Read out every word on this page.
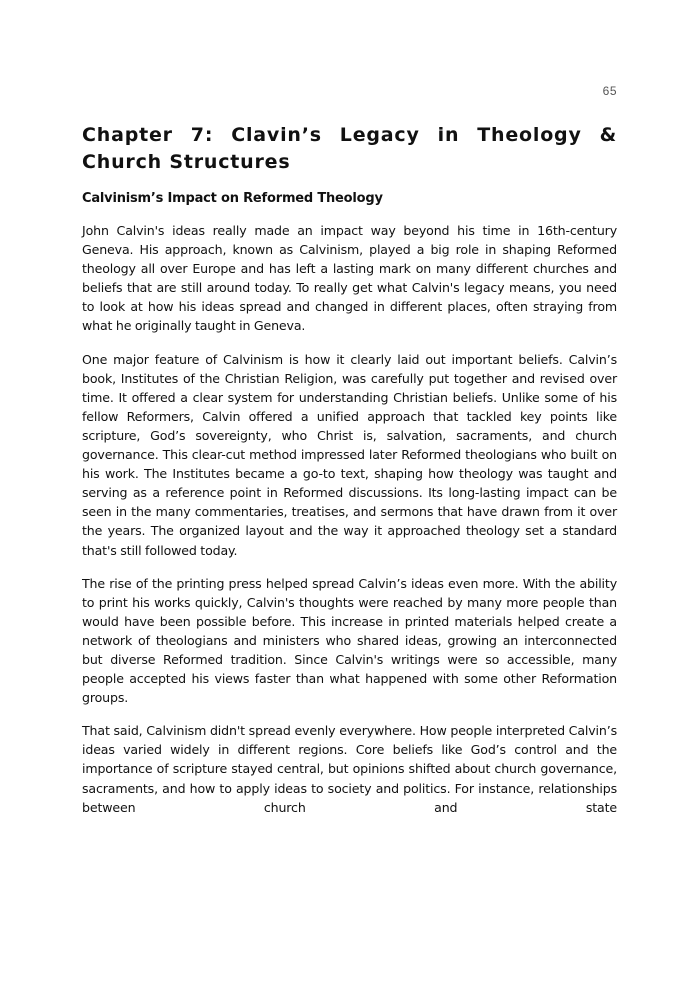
65
Chapter 7: Clavin’s Legacy in Theology & Church Structures
Calvinism’s Impact on Reformed Theology

John Calvin's ideas really made an impact way beyond his time in 16th-century Geneva. His approach, known as Calvinism, played a big role in shaping Reformed theology all over Europe and has left a lasting mark on many different churches and beliefs that are still around today. To really get what Calvin's legacy means, you need to look at how his ideas spread and changed in different places, often straying from what he originally taught in Geneva.

One major feature of Calvinism is how it clearly laid out important beliefs. Calvin’s book, Institutes of the Christian Religion, was carefully put together and revised over time. It offered a clear system for understanding Christian beliefs. Unlike some of his fellow Reformers, Calvin offered a unified approach that tackled key points like scripture, God’s sovereignty, who Christ is, salvation, sacraments, and church governance. This clear-cut method impressed later Reformed theologians who built on his work. The Institutes became a go-to text, shaping how theology was taught and serving as a reference point in Reformed discussions. Its long-lasting impact can be seen in the many commentaries, treatises, and sermons that have drawn from it over the years. The organized layout and the way it approached theology set a standard that's still followed today.

The rise of the printing press helped spread Calvin’s ideas even more. With the ability to print his works quickly, Calvin's thoughts were reached by many more people than would have been possible before. This increase in printed materials helped create a network of theologians and ministers who shared ideas, growing an interconnected but diverse Reformed tradition. Since Calvin's writings were so accessible, many people accepted his views faster than what happened with some other Reformation groups.

That said, Calvinism didn't spread evenly everywhere. How people interpreted Calvin’s ideas varied widely in different regions. Core beliefs like God’s control and the importance of scripture stayed central, but opinions shifted about church governance, sacraments, and how to apply ideas to society and politics. For instance, relationships between church and state
